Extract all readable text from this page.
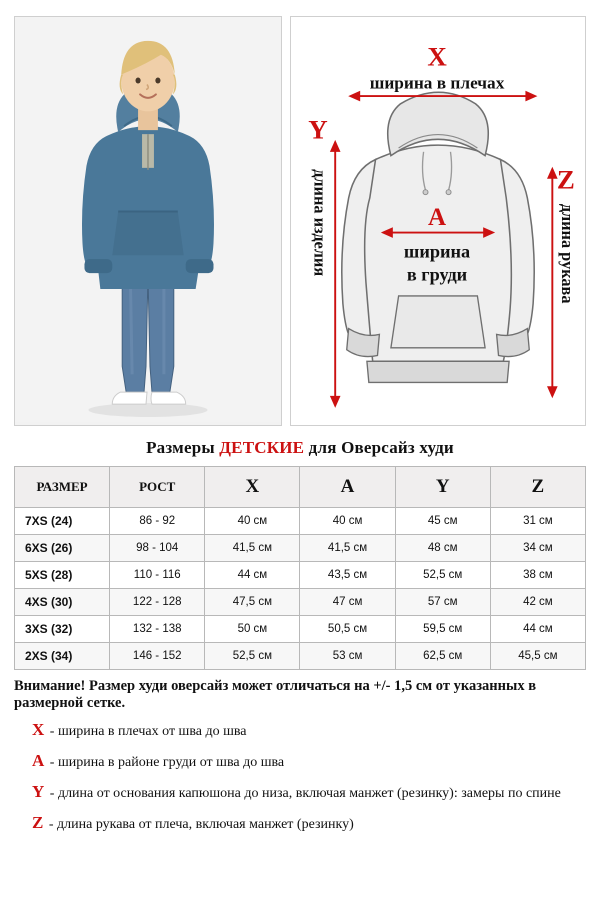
X
ширина в плечах
Y
длина изделия	Z
длина рукава
A
ширина
в груди
Размеры ДЕТСКИЕ для Оверсайз худи
РАЗМЕР	РОСТ	X	A	Y	Z
7XS (24)	86 - 92	40 см	40 см	45 см	31 см
6XS (26)	98 - 104	41,5 см	41,5 см	48 см	34 см
5XS (28)	110 - 116	44 см	43,5 см	52,5 см	38 см
4XS (30)	122 - 128	47,5 см	47 см	57 см	42 см
3XS (32)	132 - 138	50 см	50,5 см	59,5 см	44 см
2XS (34)	146 - 152	52,5 см	53 см	62,5 см	45,5 см
Внимание! Размер худи оверсайз может отличаться на +/- 1,5 см от указанных в размерной сетке.
X - ширина в плечах от шва до шва
A - ширина в районе груди от шва до шва
Y - длина от основания капюшона до низа, включая манжет (резинку): замеры по спине
Z - длина рукава от плеча, включая манжет (резинку)
